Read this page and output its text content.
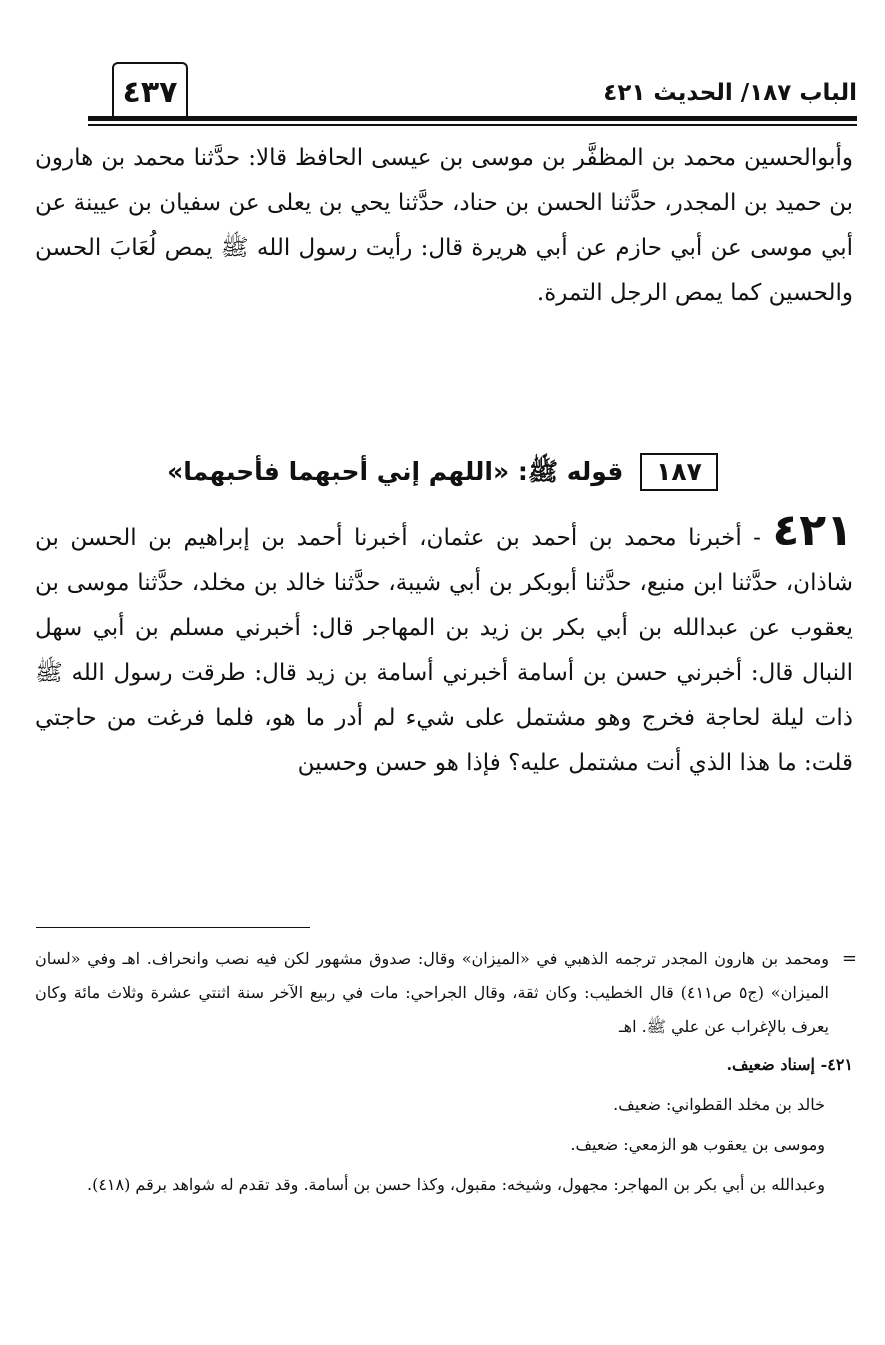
٤٣٧	الباب ١٨٧/ الحديث ٤٢١
وأبوالحسين محمد بن المظفَّر بن موسى بن عيسى الحافظ قالا: حدَّثنا محمد بن هارون بن حميد بن المجدر، حدَّثنا الحسن بن حناد، حدَّثنا يحي بن يعلى عن سفيان بن عيينة عن أبي موسى عن أبي حازم عن أبي هريرة قال: رأيت رسول الله ﷺ يمص لُعَابَ الحسن والحسين كما يمص الرجل التمرة.
١٨٧ قوله ﷺ: «اللهم إني أحبهما فأحبهما»
٤٢١ - أخبرنا محمد بن أحمد بن عثمان، أخبرنا أحمد بن إبراهيم بن الحسن بن شاذان، حدَّثنا ابن منيع، حدَّثنا أبوبكر بن أبي شيبة، حدَّثنا خالد بن مخلد، حدَّثنا موسى بن يعقوب عن عبدالله بن أبي بكر بن زيد بن المهاجر قال: أخبرني مسلم بن أبي سهل النبال قال: أخبرني حسن بن أسامة أخبرني أسامة بن زيد قال: طرقت رسول الله ﷺ ذات ليلة لحاجة فخرج وهو مشتمل على شيء لم أدر ما هو، فلما فرغت من حاجتي قلت: ما هذا الذي أنت مشتمل عليه؟ فإذا هو حسن وحسين
=
ومحمد بن هارون المجدر ترجمه الذهبي في «الميزان» وقال: صدوق مشهور لكن فيه نصب وانحراف. اهـ وفي «لسان الميزان» (ج٥ ص٤١١) قال الخطيب: وكان ثقة، وقال الجراحي: مات في ربيع الآخر سنة اثنتي عشرة وثلاث مائة وكان يعرف بالإغراب عن علي ﷺ. اهـ
٤٢١- إسناد ضعيف.
خالد بن مخلد القطواني: ضعيف.
وموسى بن يعقوب هو الزمعي: ضعيف.
وعبدالله بن أبي بكر بن المهاجر: مجهول، وشيخه: مقبول، وكذا حسن بن أسامة. وقد تقدم له شواهد برقم (٤١٨).
